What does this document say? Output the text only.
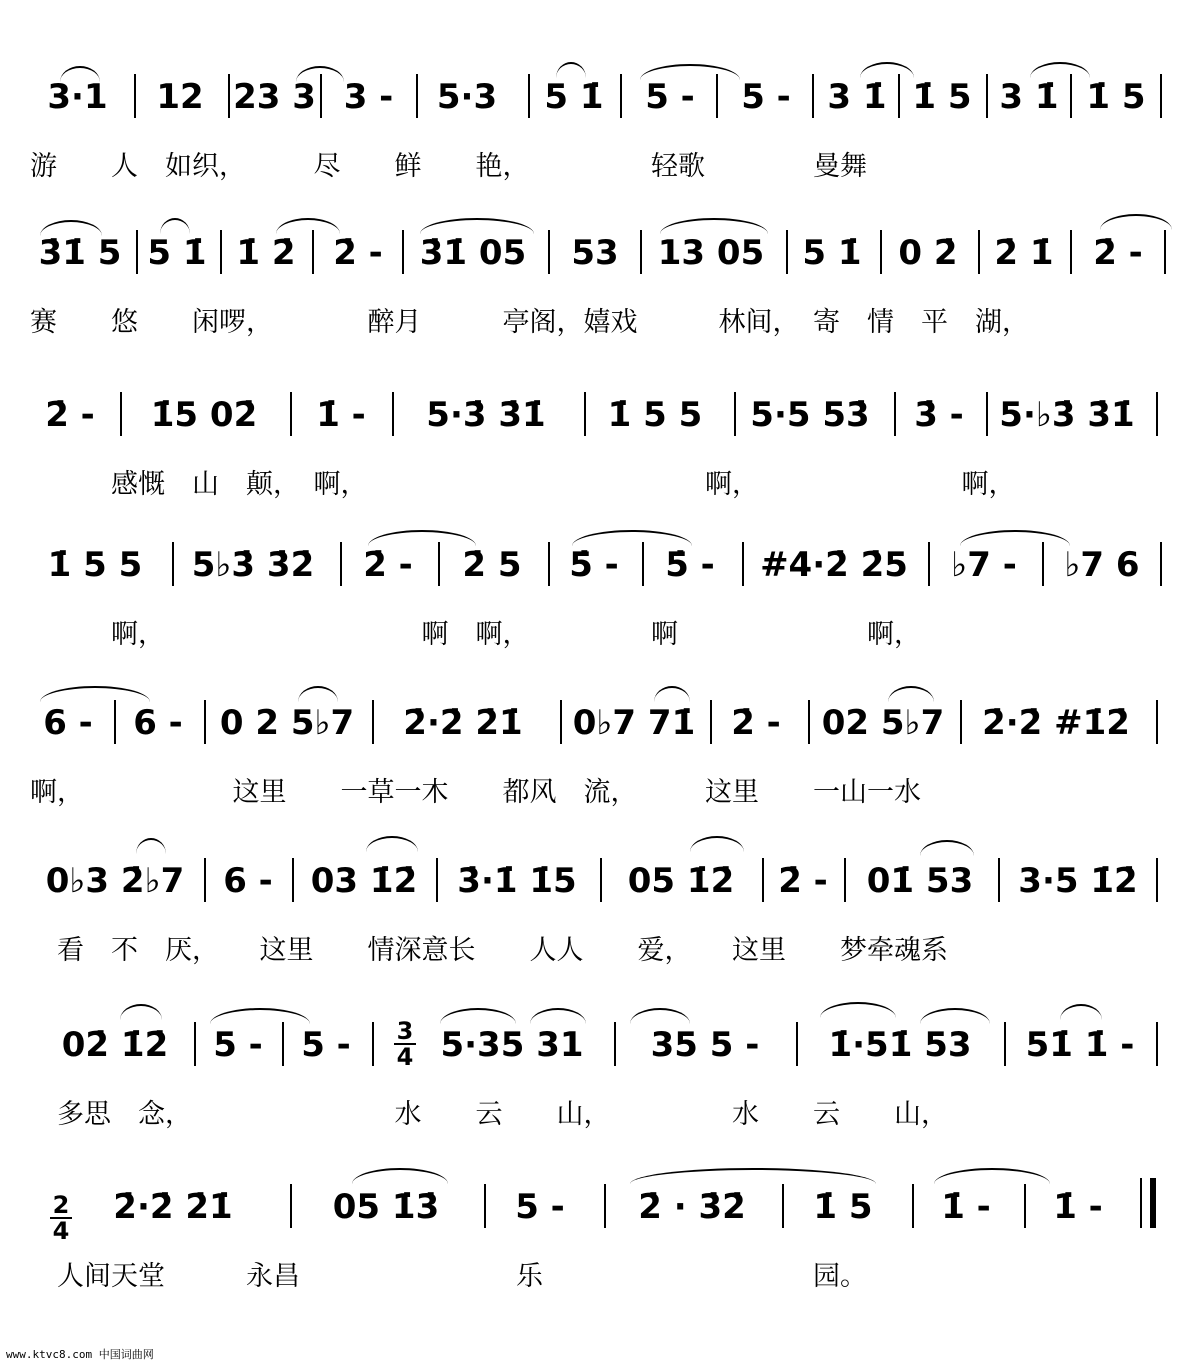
3·1 12 23 3 3 - 5·3 5 1̇ 5 - 5 - 3 1̇ 1̇ 5 3 1̇ 1̇ 5
游　　人　如织，　　　尽　　鲜　　艳，　　　　　轻歌　　　　曼舞
3̇1̇ 5 5 1̇ 1̇ 2̇ 2̇ - 3̇1̇ 05 53 13 05 5 1̇ 0 2̇ 2̇ 1̇ 2̇ -
赛　　悠　　闲啰，　　　　醉月　　　亭阁，嬉戏　　　林间，　寄　情　平　湖，
2̇ - 1̇5 02̇ 1̇ - 5·3̇ 3̇1̇ 1̇ 5 5 5·5 53̇ 3̇ - 5·♭3̇ 3̇1̇
　　　感慨　山　颠，　啊，　　　　　　　　　　　　　啊，　　　　　　　　啊，
1̇ 5 5 5♭3̇ 3̇2̇ 2̇ - 2̇ 5 5̇ - 5̇ - #4·2̇ 2̇5 ♭7 - ♭7 6
　　　啊，　　　　　　　　　　啊　啊，　　　　　啊　　　　　　　啊，
6 - 6 - 0 2 5♭7 2̇·2̇ 2̇1̇ 0♭7 71̇ 2̇ - 02 5♭7 2̇·2̇ #1̇2̇
啊，　　　　　　这里　　一草一木　　都风　流，　　　这里　　一山一水
0♭3 2̇♭7 6 - 03 1̇2̇ 3̇·1̇ 1̇5 05 1̇2̇ 2̇ - 01̇ 53 3·5 1̇2̇
　看　不　厌，　　这里　　情深意长　　人人　　爱，　　这里　　梦牵魂系
02̇ 1̇2̇ 5 - 5 - 3
4 5·35 31 35 5 - 1̇·51̇ 53 51̇ 1̇ -
　多思　念，　　　　　　　　水　　云　　山，　　　　　水　　云　　山，
2
4
2̇·2̇ 2̇1̇	05 1̇3̇ 5 - 2̇ · 3̇2̇ 1̇ 5 1̇ - 1̇ -
　人间天堂　　　永昌　　　　　　　　乐　　　　　　　　　　园。
www.ktvc8.com 中国词曲网
